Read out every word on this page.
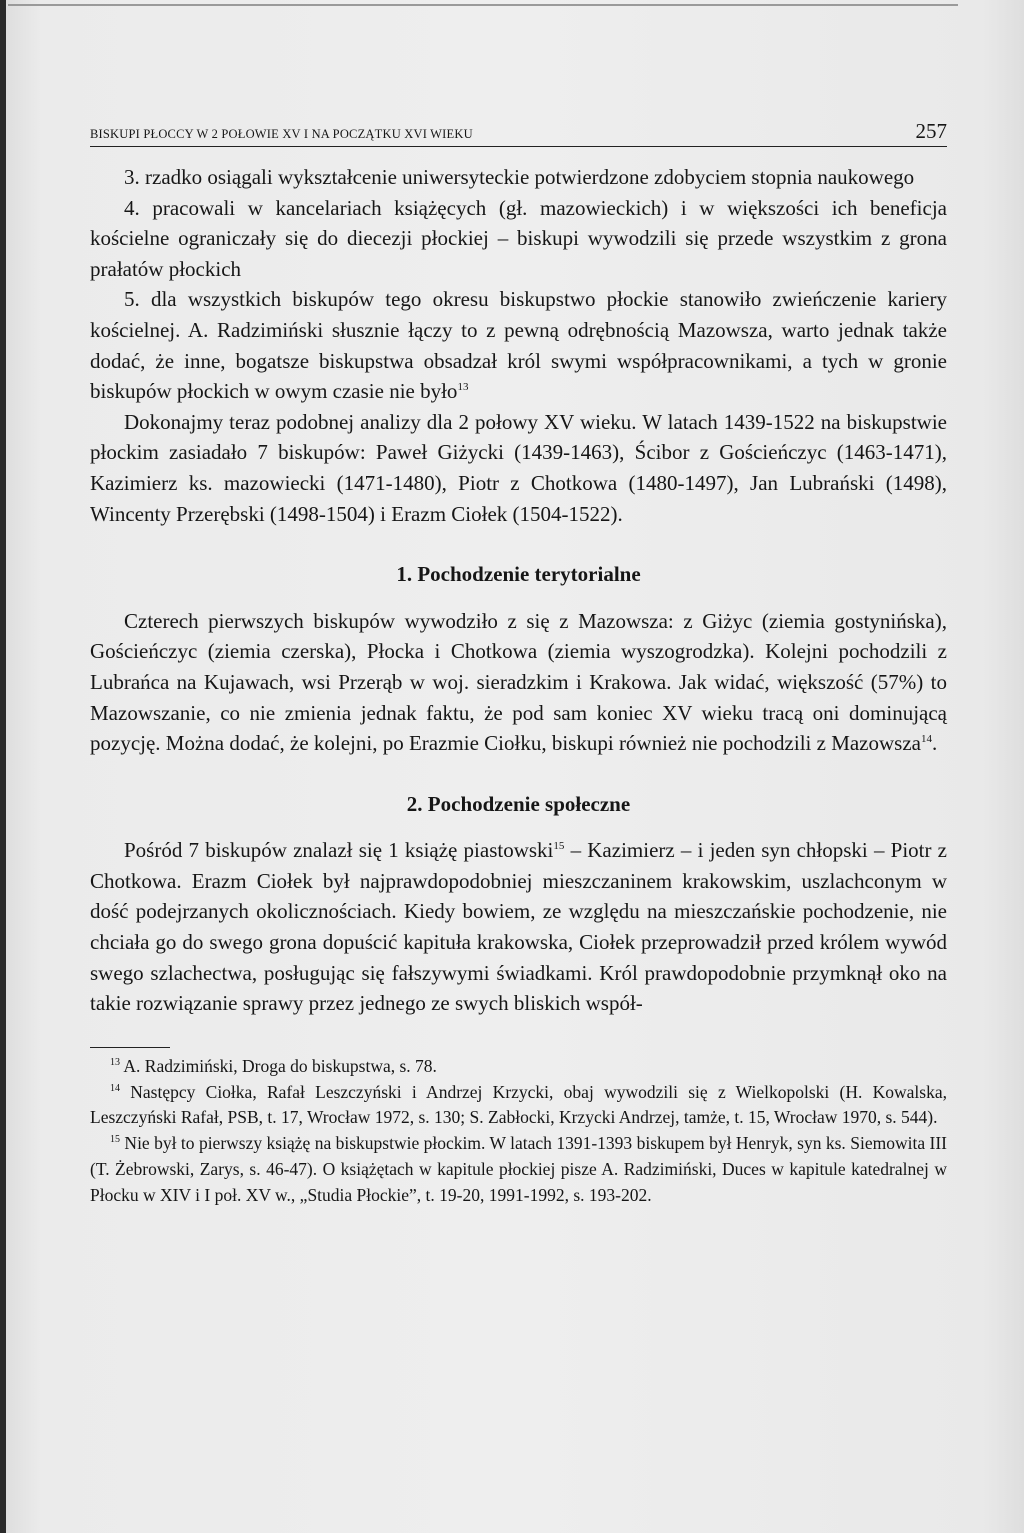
BISKUPI PŁOCCY W 2 POŁOWIE XV I NA POCZĄTKU XVI WIEKU	257

3. rzadko osiągali wykształcenie uniwersyteckie potwierdzone zdobyciem stopnia naukowego

4. pracowali w kancelariach książęcych (gł. mazowieckich) i w większości ich beneficja kościelne ograniczały się do diecezji płockiej – biskupi wywodzili się przede wszystkim z grona prałatów płockich

5. dla wszystkich biskupów tego okresu biskupstwo płockie stanowiło zwieńczenie kariery kościelnej. A. Radzimiński słusznie łączy to z pewną odrębnością Mazowsza, warto jednak także dodać, że inne, bogatsze biskupstwa obsadzał król swymi współpracownikami, a tych w gronie biskupów płockich w owym czasie nie było$^{13}$

Dokonajmy teraz podobnej analizy dla 2 połowy XV wieku. W latach 1439-1522 na biskupstwie płockim zasiadało 7 biskupów: Paweł Giżycki (1439-1463), Ścibor z Gościeńczyc (1463-1471), Kazimierz ks. mazowiecki (1471-1480), Piotr z Chotkowa (1480-1497), Jan Lubrański (1498), Wincenty Przerębski (1498-1504) i Erazm Ciołek (1504-1522).

1. Pochodzenie terytorialne

Czterech pierwszych biskupów wywodziło z się z Mazowsza: z Giżyc (ziemia gostynińska), Gościeńczyc (ziemia czerska), Płocka i Chotkowa (ziemia wyszogrodzka). Kolejni pochodzili z Lubrańca na Kujawach, wsi Przerąb w woj. sieradzkim i Krakowa. Jak widać, większość (57%) to Mazowszanie, co nie zmienia jednak faktu, że pod sam koniec XV wieku tracą oni dominującą pozycję. Można dodać, że kolejni, po Erazmie Ciołku, biskupi również nie pochodzili z Mazowsza$^{14}$.

2. Pochodzenie społeczne

Pośród 7 biskupów znalazł się 1 książę piastowski$^{15}$ – Kazimierz – i jeden syn chłopski – Piotr z Chotkowa. Erazm Ciołek był najprawdopodobniej mieszczaninem krakowskim, uszlachconym w dość podejrzanych okolicznościach. Kiedy bowiem, ze względu na mieszczańskie pochodzenie, nie chciała go do swego grona dopuścić kapituła krakowska, Ciołek przeprowadził przed królem wywód swego szlachectwa, posługując się fałszywymi świadkami. Król prawdopodobnie przymknął oko na takie rozwiązanie sprawy przez jednego ze swych bliskich współ-

$^{13}$ A. Radzimiński, Droga do biskupstwa, s. 78.

$^{14}$ Następcy Ciołka, Rafał Leszczyński i Andrzej Krzycki, obaj wywodzili się z Wielkopolski (H. Kowalska, Leszczyński Rafał, PSB, t. 17, Wrocław 1972, s. 130; S. Zabłocki, Krzycki Andrzej, tamże, t. 15, Wrocław 1970, s. 544).

$^{15}$ Nie był to pierwszy książę na biskupstwie płockim. W latach 1391-1393 biskupem był Henryk, syn ks. Siemowita III (T. Żebrowski, Zarys, s. 46-47). O książętach w kapitule płockiej pisze A. Radzimiński, Duces w kapitule katedralnej w Płocku w XIV i I poł. XV w., „Studia Płockie”, t. 19-20, 1991-1992, s. 193-202.
